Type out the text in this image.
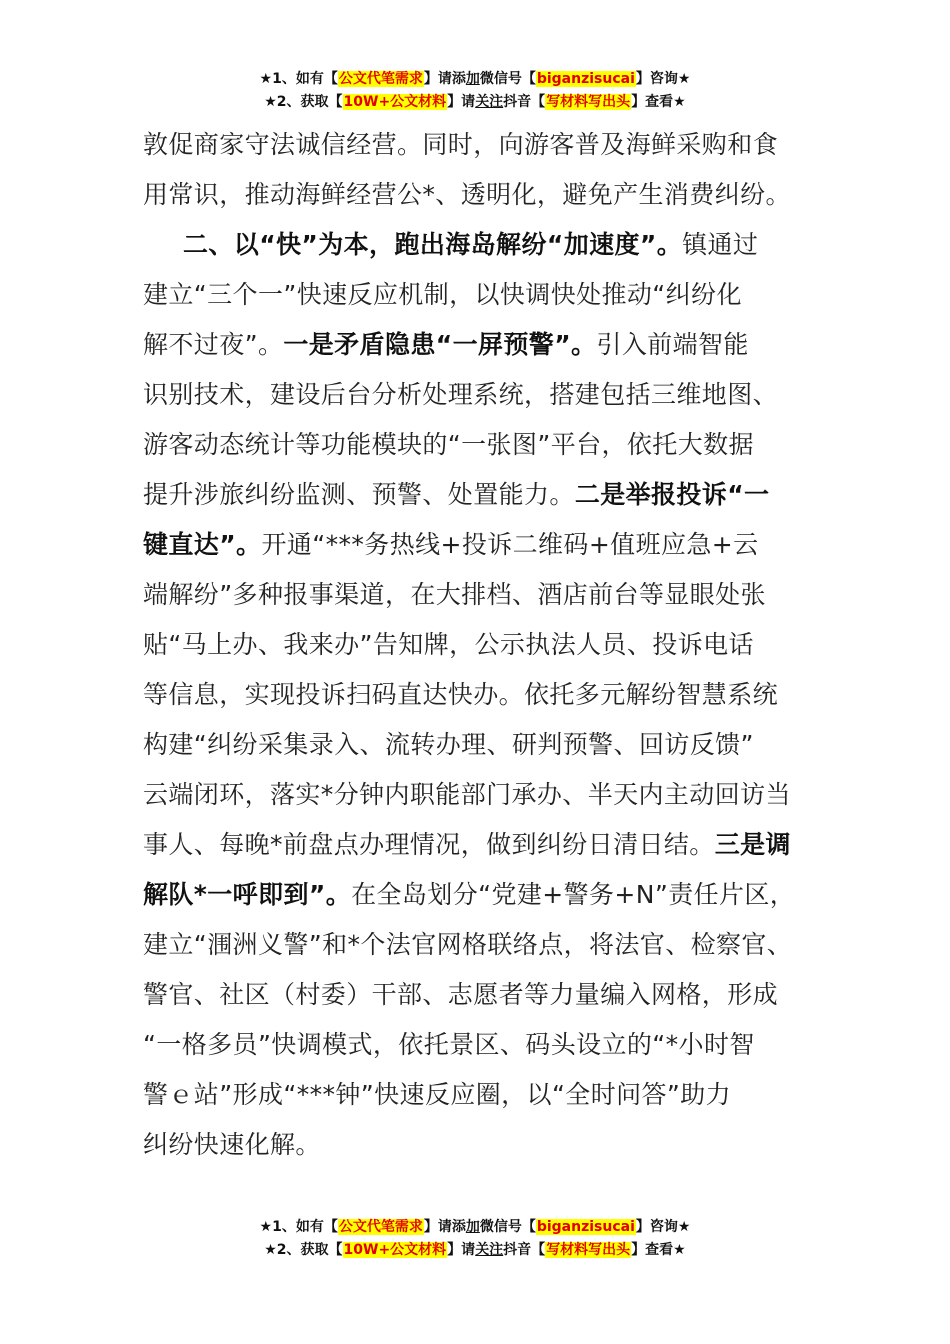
★1、如有【公文代笔需求】请添加微信号【biganzisucai】咨询★
★2、获取【10W+公文材料】请关注抖音【写材料写出头】查看★
敦促商家守法诚信经营。同时，向游客普及海鲜采购和食
用常识，推动海鲜经营公*、透明化，避免产生消费纠纷。
二、以“快”为本，跑出海岛解纷“加速度”。镇通过
建立“三个一”快速反应机制，以快调快处推动“纠纷化
解不过夜”。一是矛盾隐患“一屏预警”。引入前端智能
识别技术，建设后台分析处理系统，搭建包括三维地图、
游客动态统计等功能模块的“一张图”平台，依托大数据
提升涉旅纠纷监测、预警、处置能力。二是举报投诉“一
键直达”。开通“***务热线+投诉二维码+值班应急+云
端解纷”多种报事渠道，在大排档、酒店前台等显眼处张
贴“马上办、我来办”告知牌，公示执法人员、投诉电话
等信息，实现投诉扫码直达快办。依托多元解纷智慧系统
构建“纠纷采集录入、流转办理、研判预警、回访反馈”
云端闭环，落实*分钟内职能部门承办、半天内主动回访当
事人、每晚*前盘点办理情况，做到纠纷日清日结。三是调
解队*一呼即到”。在全岛划分“党建+警务+N”责任片区，
建立“涠洲义警”和*个法官网格联络点，将法官、检察官、
警官、社区（村委）干部、志愿者等力量编入网格，形成
“一格多员”快调模式，依托景区、码头设立的“*小时智
警ｅ站”形成“***钟”快速反应圈，以“全时问答”助力
纠纷快速化解。
★1、如有【公文代笔需求】请添加微信号【biganzisucai】咨询★
★2、获取【10W+公文材料】请关注抖音【写材料写出头】查看★
